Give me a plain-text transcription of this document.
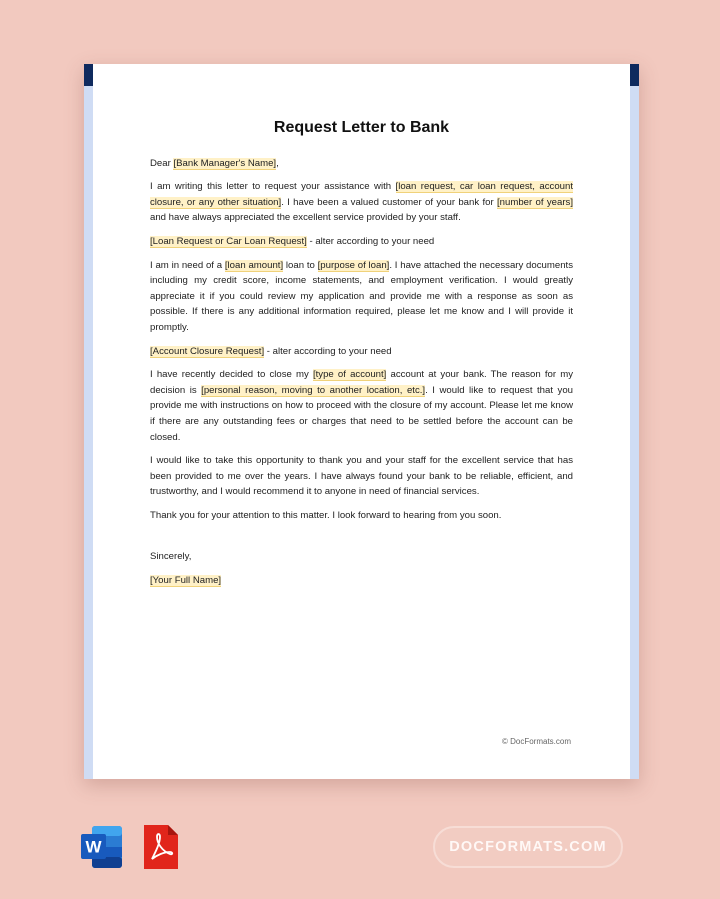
Request Letter to Bank

Dear [Bank Manager's Name],

I am writing this letter to request your assistance with [loan request, car loan request, account closure, or any other situation]. I have been a valued customer of your bank for [number of years] and have always appreciated the excellent service provided by your staff.

[Loan Request or Car Loan Request] - alter according to your need

I am in need of a [loan amount] loan to [purpose of loan]. I have attached the necessary documents including my credit score, income statements, and employment verification. I would greatly appreciate it if you could review my application and provide me with a response as soon as possible. If there is any additional information required, please let me know and I will provide it promptly.

[Account Closure Request] - alter according to your need

I have recently decided to close my [type of account] account at your bank. The reason for my decision is [personal reason, moving to another location, etc.]. I would like to request that you provide me with instructions on how to proceed with the closure of my account. Please let me know if there are any outstanding fees or charges that need to be settled before the account can be closed.

I would like to take this opportunity to thank you and your staff for the excellent service that has been provided to me over the years. I have always found your bank to be reliable, efficient, and trustworthy, and I would recommend it to anyone in need of financial services.

Thank you for your attention to this matter. I look forward to hearing from you soon.

Sincerely,

[Your Full Name]

© DocFormats.com
W	DOCFORMATS.COM
